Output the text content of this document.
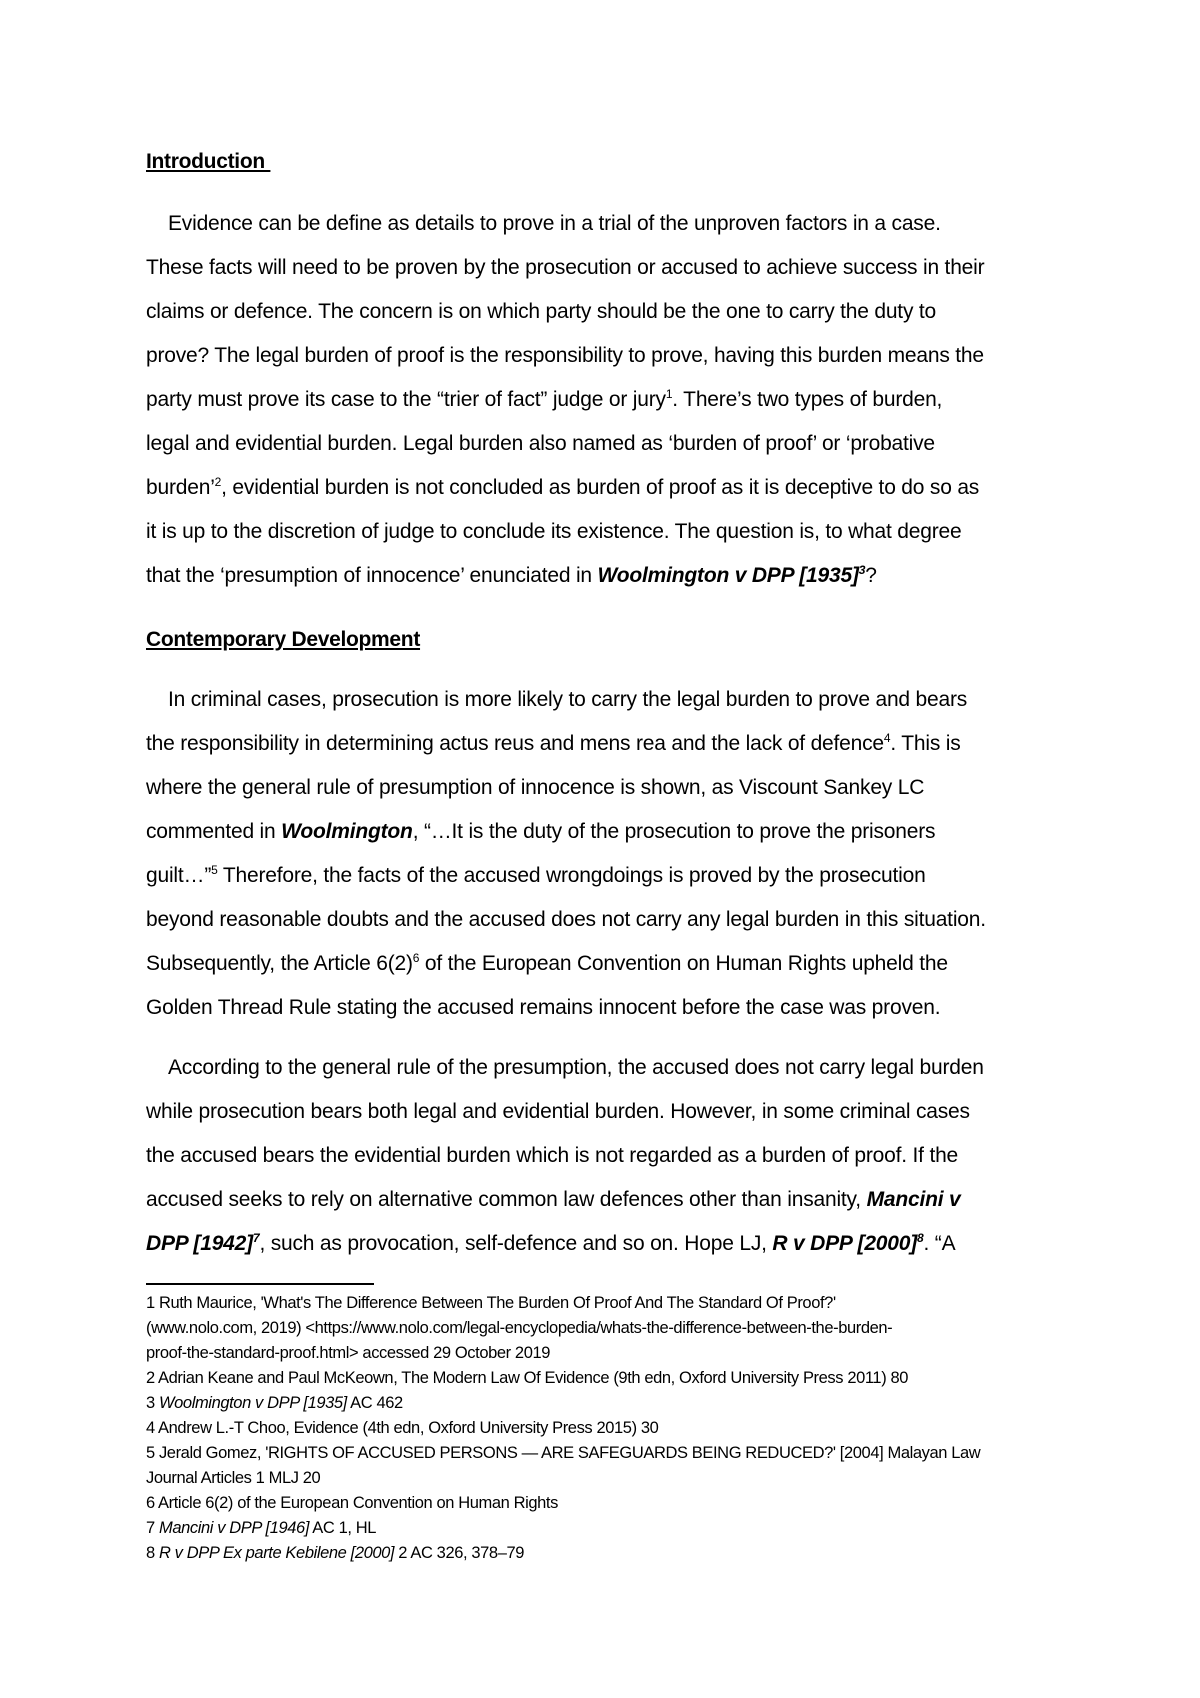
Introduction

Evidence can be define as details to prove in a trial of the unproven factors in a case.

These facts will need to be proven by the prosecution or accused to achieve success in their

claims or defence. The concern is on which party should be the one to carry the duty to

prove? The legal burden of proof is the responsibility to prove, having this burden means the

party must prove its case to the “trier of fact” judge or jury$^1$. There’s two types of burden,

legal and evidential burden. Legal burden also named as ‘burden of proof’ or ‘probative

burden’$^2$, evidential burden is not concluded as burden of proof as it is deceptive to do so as

it is up to the discretion of judge to conclude its existence. The question is, to what degree

that the ‘presumption of innocence’ enunciated in Woolmington v DPP $[1935]^3$?

Contemporary Development

In criminal cases, prosecution is more likely to carry the legal burden to prove and bears

the responsibility in determining actus reus and mens rea and the lack of defence$^4$. This is

where the general rule of presumption of innocence is shown, as Viscount Sankey LC

commented in Woolmington, “…It is the duty of the prosecution to prove the prisoners

guilt…”$^5$ Therefore, the facts of the accused wrongdoings is proved by the prosecution

beyond reasonable doubts and the accused does not carry any legal burden in this situation.

Subsequently, the Article $6(2)^6$ of the European Convention on Human Rights upheld the

Golden Thread Rule stating the accused remains innocent before the case was proven.

According to the general rule of the presumption, the accused does not carry legal burden

while prosecution bears both legal and evidential burden. However, in some criminal cases

the accused bears the evidential burden which is not regarded as a burden of proof. If the

accused seeks to rely on alternative common law defences other than insanity, Mancini v

DPP $[1942]^7$, such as provocation, self-defence and so on. Hope LJ, R v DPP $[2000]^8$. “A

1 Ruth Maurice, 'What's The Difference Between The Burden Of Proof And The Standard Of Proof?'

(www.nolo.com, 2019) <https://www.nolo.com/legal-encyclopedia/whats-the-difference-between-the-burden-

proof-the-standard-proof.html> accessed 29 October 2019

2 Adrian Keane and Paul McKeown, The Modern Law Of Evidence (9th edn, Oxford University Press 2011) 80

3 Woolmington v DPP [1935] AC 462

4 Andrew L.-T Choo, Evidence (4th edn, Oxford University Press 2015) 30

5 Jerald Gomez, 'RIGHTS OF ACCUSED PERSONS — ARE SAFEGUARDS BEING REDUCED?' [2004] Malayan Law

Journal Articles 1 MLJ 20

6 Article 6(2) of the European Convention on Human Rights

7 Mancini v DPP [1946] AC 1, HL

8 R v DPP Ex parte Kebilene [2000] 2 AC 326, 378–79
